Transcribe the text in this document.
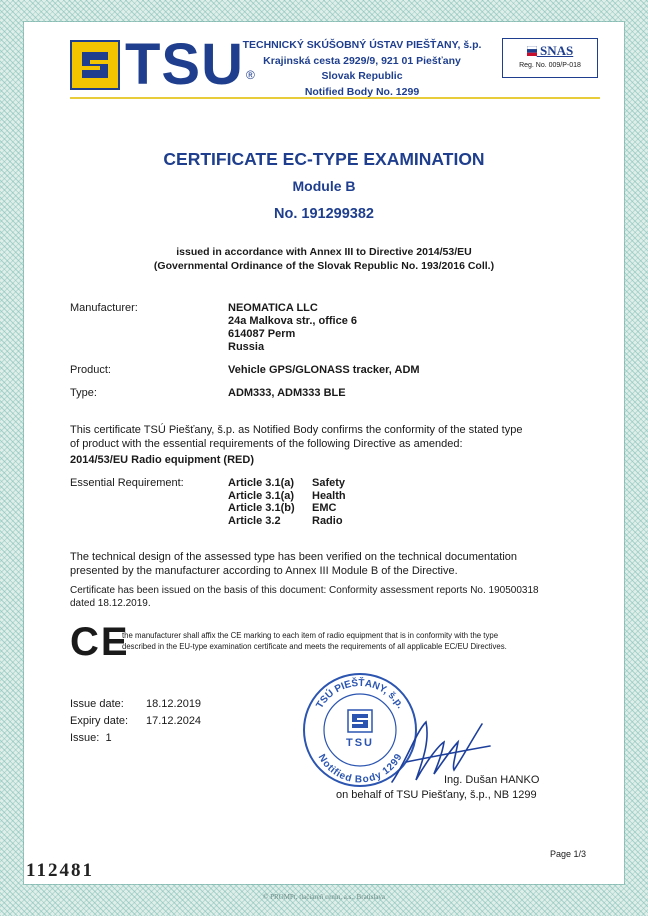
TSU ®
TECHNICKÝ SKÚŠOBNÝ ÚSTAV PIEŠŤANY, š.p.
Krajinská cesta 2929/9, 921 01 Piešťany
Slovak Republic
Notified Body No. 1299
SNAS
Reg. No. 009/P-018
CERTIFICATE EC-TYPE EXAMINATION
Module B
No. 191299382
issued in accordance with Annex III to Directive 2014/53/EU
(Governmental Ordinance of the Slovak Republic No. 193/2016 Coll.)
Manufacturer:	NEOMATICA LLC
24a Malkova str., office 6
614087 Perm
Russia
Product:	Vehicle GPS/GLONASS tracker, ADM
Type:	ADM333, ADM333 BLE
This certificate TSÚ Piešťany, š.p. as Notified Body confirms the conformity of the stated type
of product with the essential requirements of the following Directive as amended:
2014/53/EU Radio equipment (RED)
Essential Requirement:	Article 3.1(a) Safety
Article 3.1(a) Health
Article 3.1(b) EMC
Article 3.2	Radio
The technical design of the assessed type has been verified on the technical documentation
presented by the manufacturer according to Annex III Module B of the Directive.
Certificate has been issued on the basis of this document: Conformity assessment reports No. 190500318
dated 18.12.2019.
CE
the manufacturer shall affix the CE marking to each item of radio equipment that is in conformity with the type
described in the EU-type examination certificate and meets the requirements of all applicable EC/EU Directives.
Issue date: 18.12.2019
Expiry date: 17.12.2024
Issue: 1
TSÚ PIEŠŤANY, š.p.
Notified Body 1299
TSU
Ing. Dušan HANKO
on behalf of TSU Piešťany, š.p., NB 1299
Page 1/3
112481
© PROMPt, tlačiareň cenín, a.s., Bratislava
